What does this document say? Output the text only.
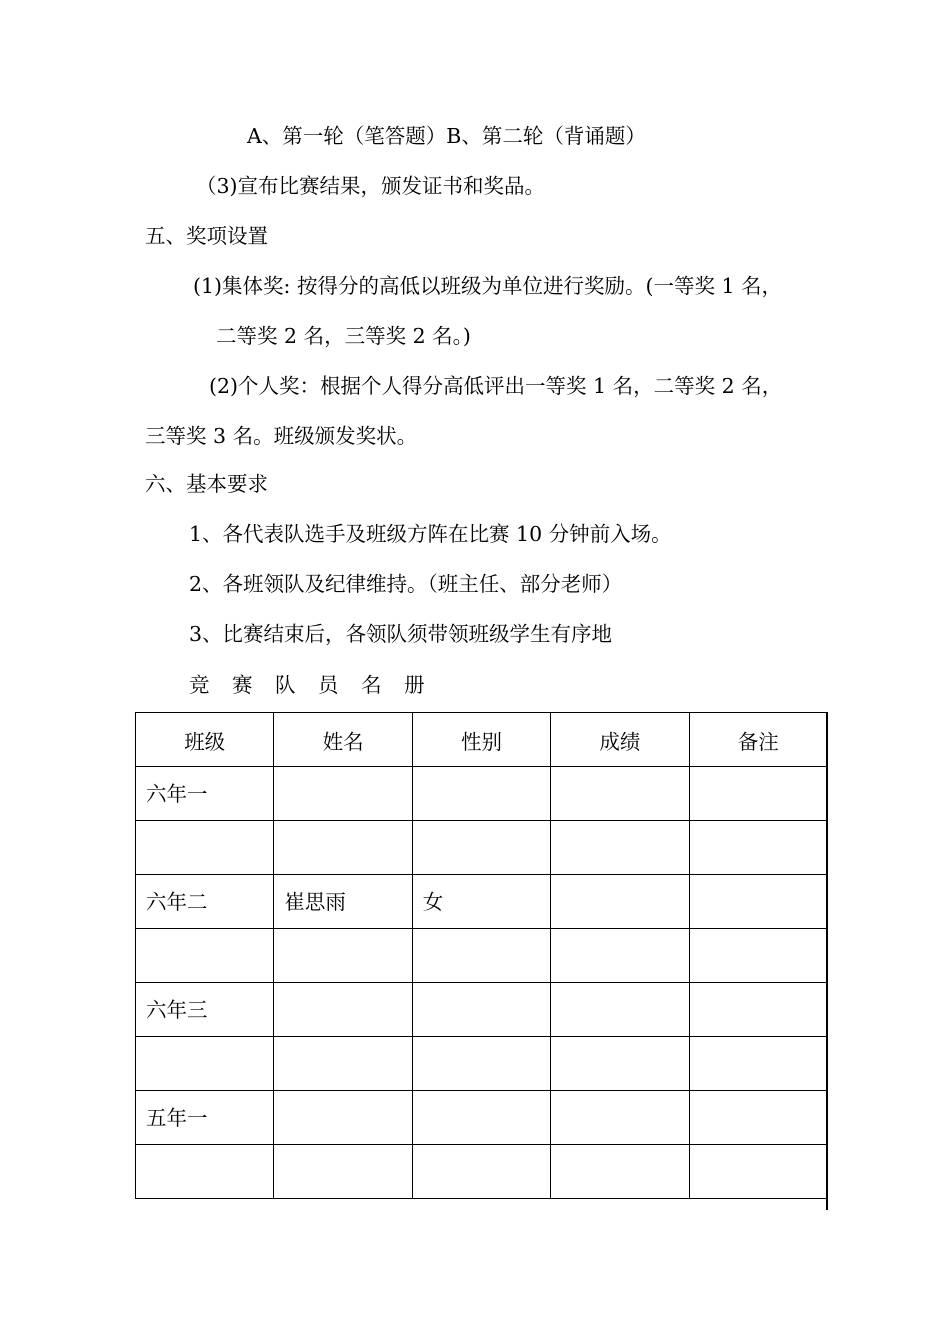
A、第一轮（笔答题）B、第二轮（背诵题）

（3)宣布比赛结果，颁发证书和奖品。

五、奖项设置

(1)集体奖: 按得分的高低以班级为单位进行奖励。(一等奖 1 名，

二等奖 2 名，三等奖 2 名。)

(2)个人奖：根据个人得分高低评出一等奖 1 名，二等奖 2 名，

三等奖 3 名。班级颁发奖状。

六、基本要求

1、各代表队选手及班级方阵在比赛 10 分钟前入场。

2、各班领队及纪律维持。（班主任、部分老师）

3、比赛结束后，各领队须带领班级学生有序地

竞 赛 队 员 名 册

班级	姓名	性别	成绩	备注
六年一				

六年二	崔思雨	女		

六年三				

五年一				
